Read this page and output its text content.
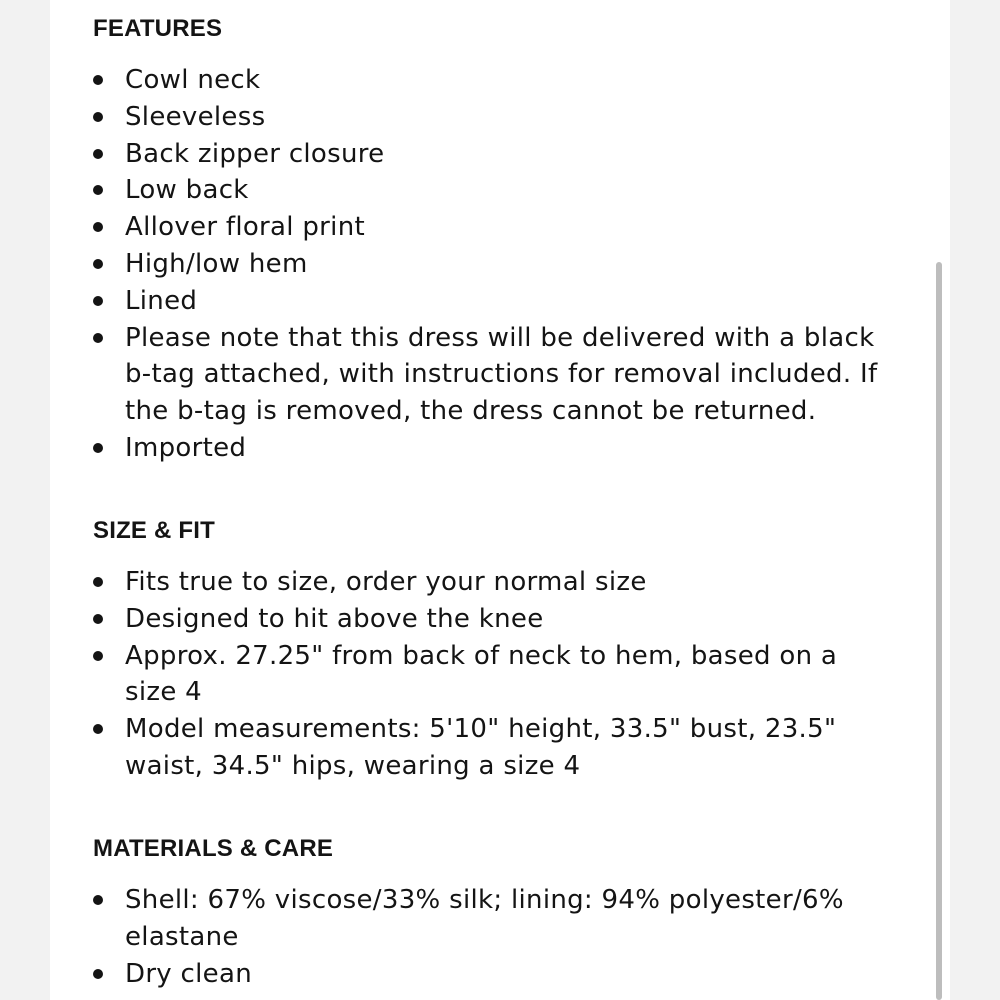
FEATURES
Cowl neck
Sleeveless
Back zipper closure
Low back
Allover floral print
High/low hem
Lined
Please note that this dress will be delivered with a black b-tag attached, with instructions for removal included. If the b-tag is removed, the dress cannot be returned.
Imported
SIZE & FIT
Fits true to size, order your normal size
Designed to hit above the knee
Approx. 27.25" from back of neck to hem, based on a size 4
Model measurements: 5'10" height, 33.5" bust, 23.5" waist, 34.5" hips, wearing a size 4
MATERIALS & CARE
Shell: 67% viscose/33% silk; lining: 94% polyester/6% elastane
Dry clean
